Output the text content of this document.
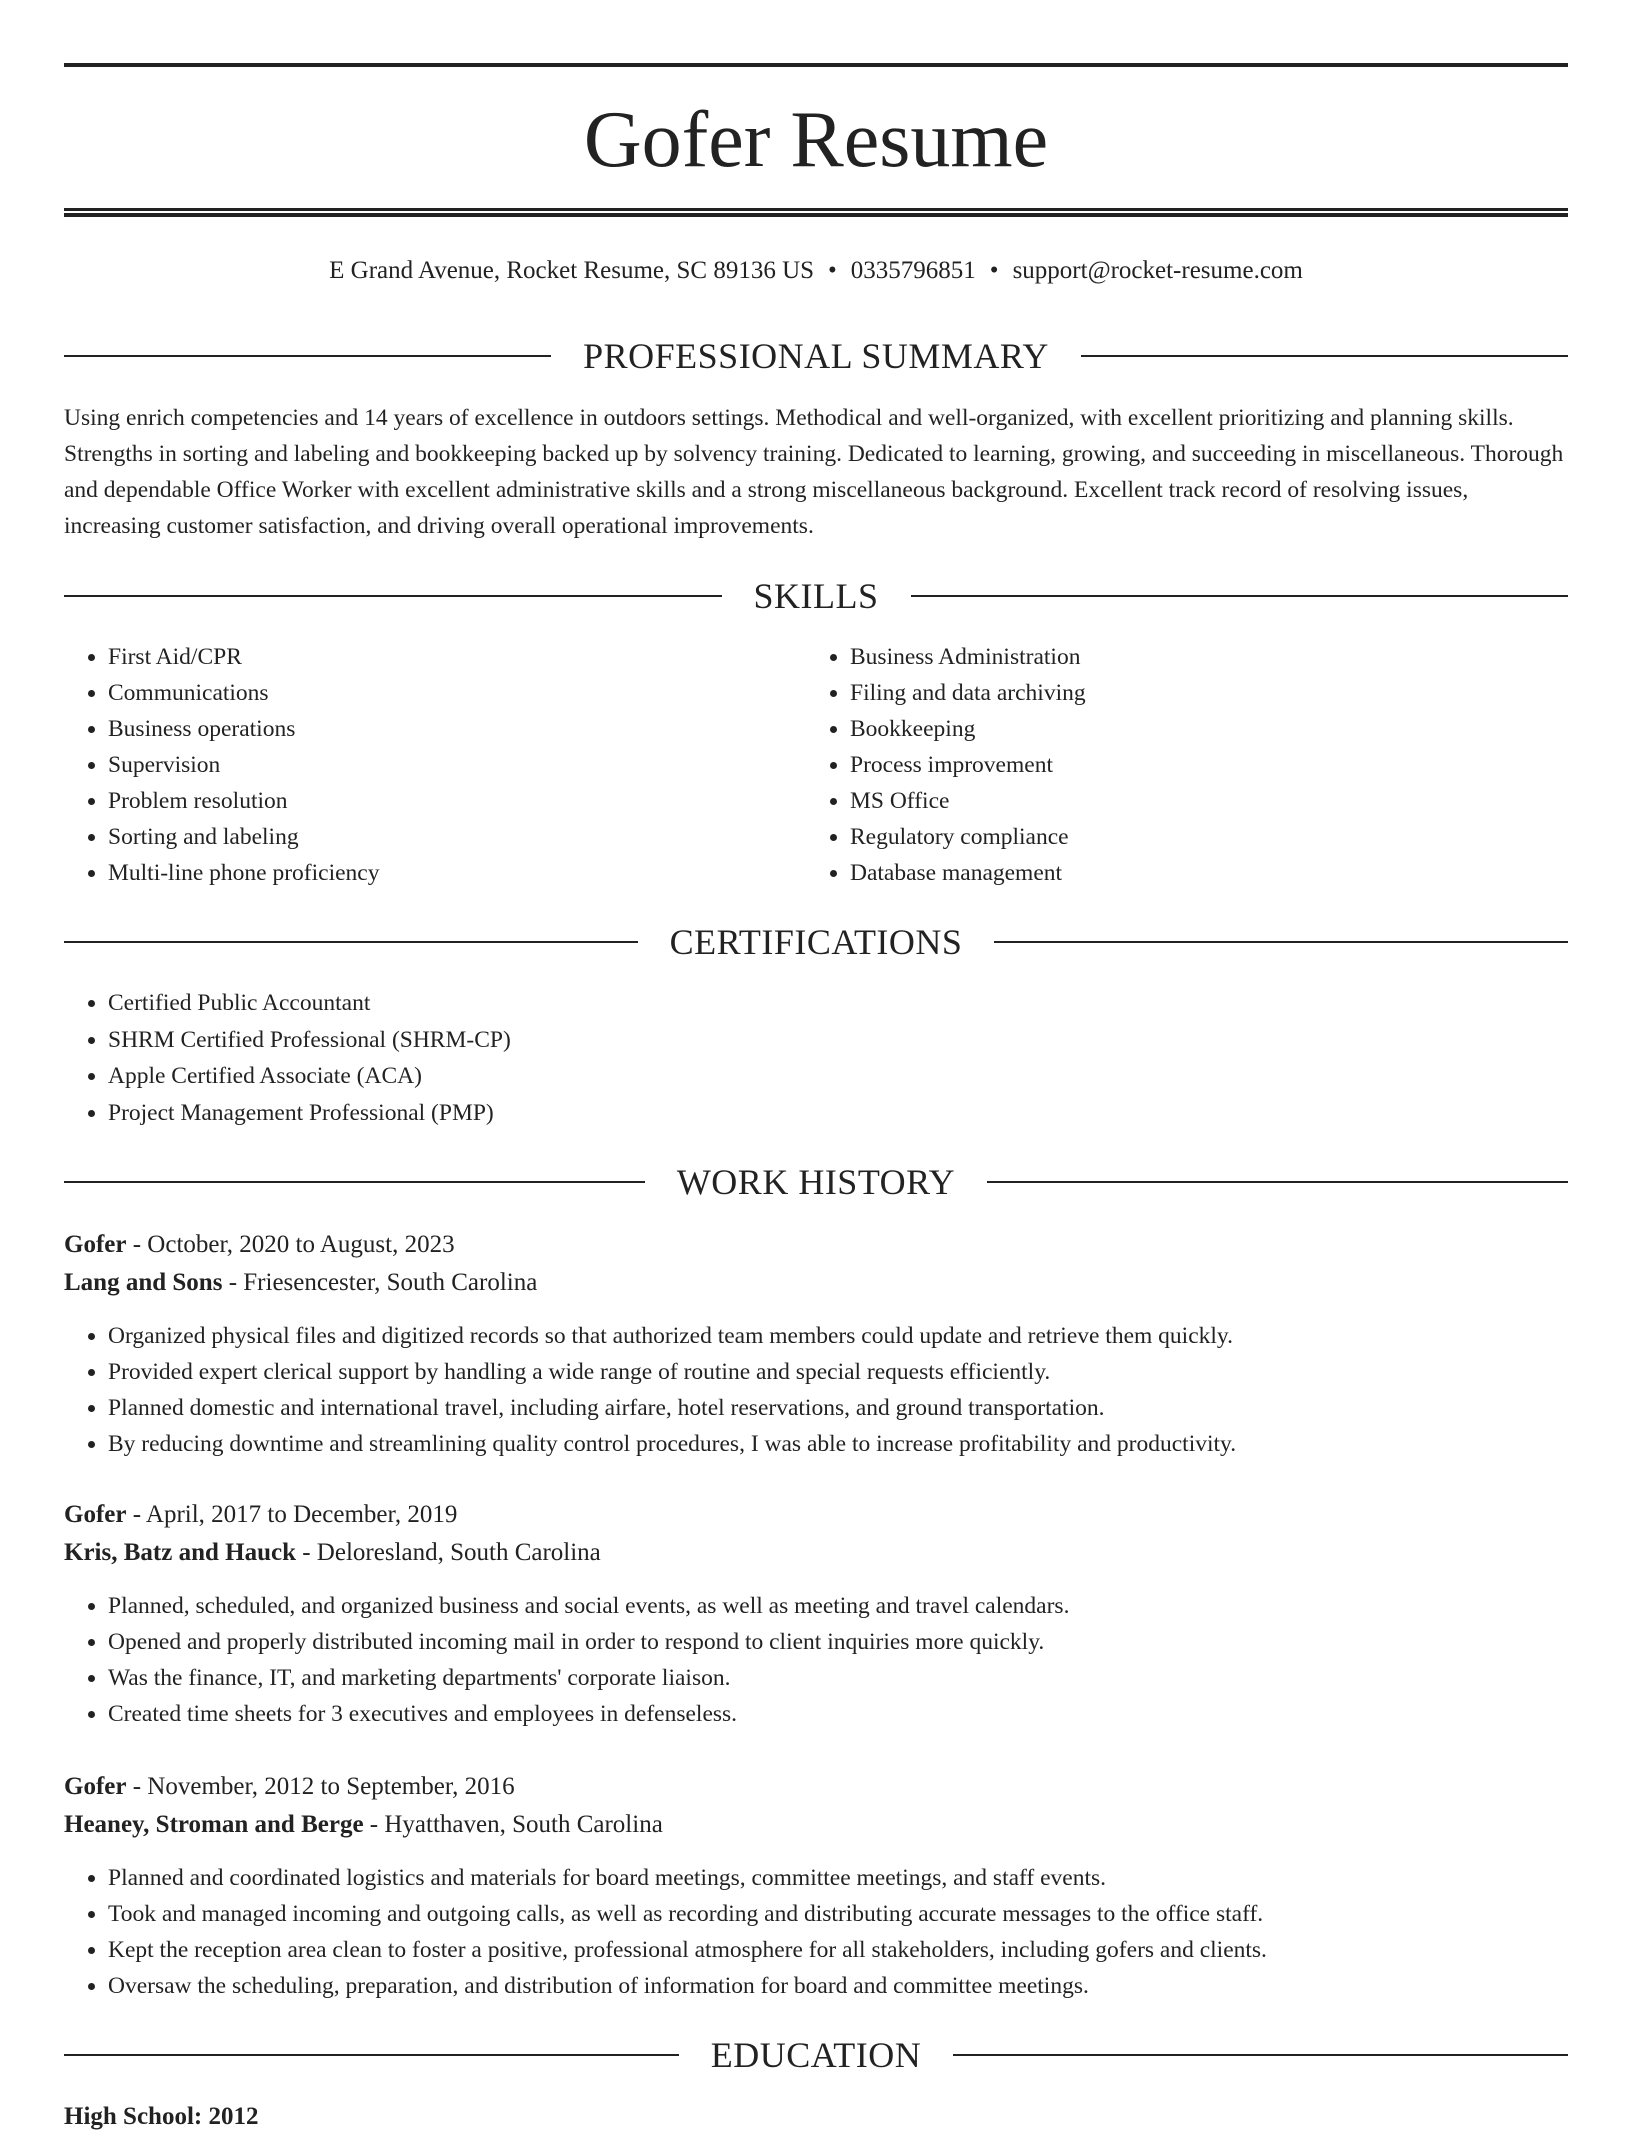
Gofer Resume
E Grand Avenue, Rocket Resume, SC 89136 US • 0335796851 • support@rocket-resume.com
PROFESSIONAL SUMMARY

Using enrich competencies and 14 years of excellence in outdoors settings. Methodical and well-organized, with excellent prioritizing and planning skills. Strengths in sorting and labeling and bookkeeping backed up by solvency training. Dedicated to learning, growing, and succeeding in miscellaneous. Thorough and dependable Office Worker with excellent administrative skills and a strong miscellaneous background. Excellent track record of resolving issues, increasing customer satisfaction, and driving overall operational improvements.

SKILLS
• First Aid/CPR
• Communications
• Business operations
• Supervision
• Problem resolution
• Sorting and labeling
• Multi-line phone proficiency
• Business Administration
• Filing and data archiving
• Bookkeeping
• Process improvement
• MS Office
• Regulatory compliance
• Database management
CERTIFICATIONS
• Certified Public Accountant
• SHRM Certified Professional (SHRM-CP)
• Apple Certified Associate (ACA)
• Project Management Professional (PMP)
WORK HISTORY
Gofer - October, 2020 to August, 2023
Lang and Sons - Friesencester, South Carolina
• Organized physical files and digitized records so that authorized team members could update and retrieve them quickly.
• Provided expert clerical support by handling a wide range of routine and special requests efficiently.
• Planned domestic and international travel, including airfare, hotel reservations, and ground transportation.
• By reducing downtime and streamlining quality control procedures, I was able to increase profitability and productivity.
Gofer - April, 2017 to December, 2019
Kris, Batz and Hauck - Deloresland, South Carolina
• Planned, scheduled, and organized business and social events, as well as meeting and travel calendars.
• Opened and properly distributed incoming mail in order to respond to client inquiries more quickly.
• Was the finance, IT, and marketing departments' corporate liaison.
• Created time sheets for 3 executives and employees in defenseless.
Gofer - November, 2012 to September, 2016
Heaney, Stroman and Berge - Hyatthaven, South Carolina
• Planned and coordinated logistics and materials for board meetings, committee meetings, and staff events.
• Took and managed incoming and outgoing calls, as well as recording and distributing accurate messages to the office staff.
• Kept the reception area clean to foster a positive, professional atmosphere for all stakeholders, including gofers and clients.
• Oversaw the scheduling, preparation, and distribution of information for board and committee meetings.
EDUCATION
High School: 2012
